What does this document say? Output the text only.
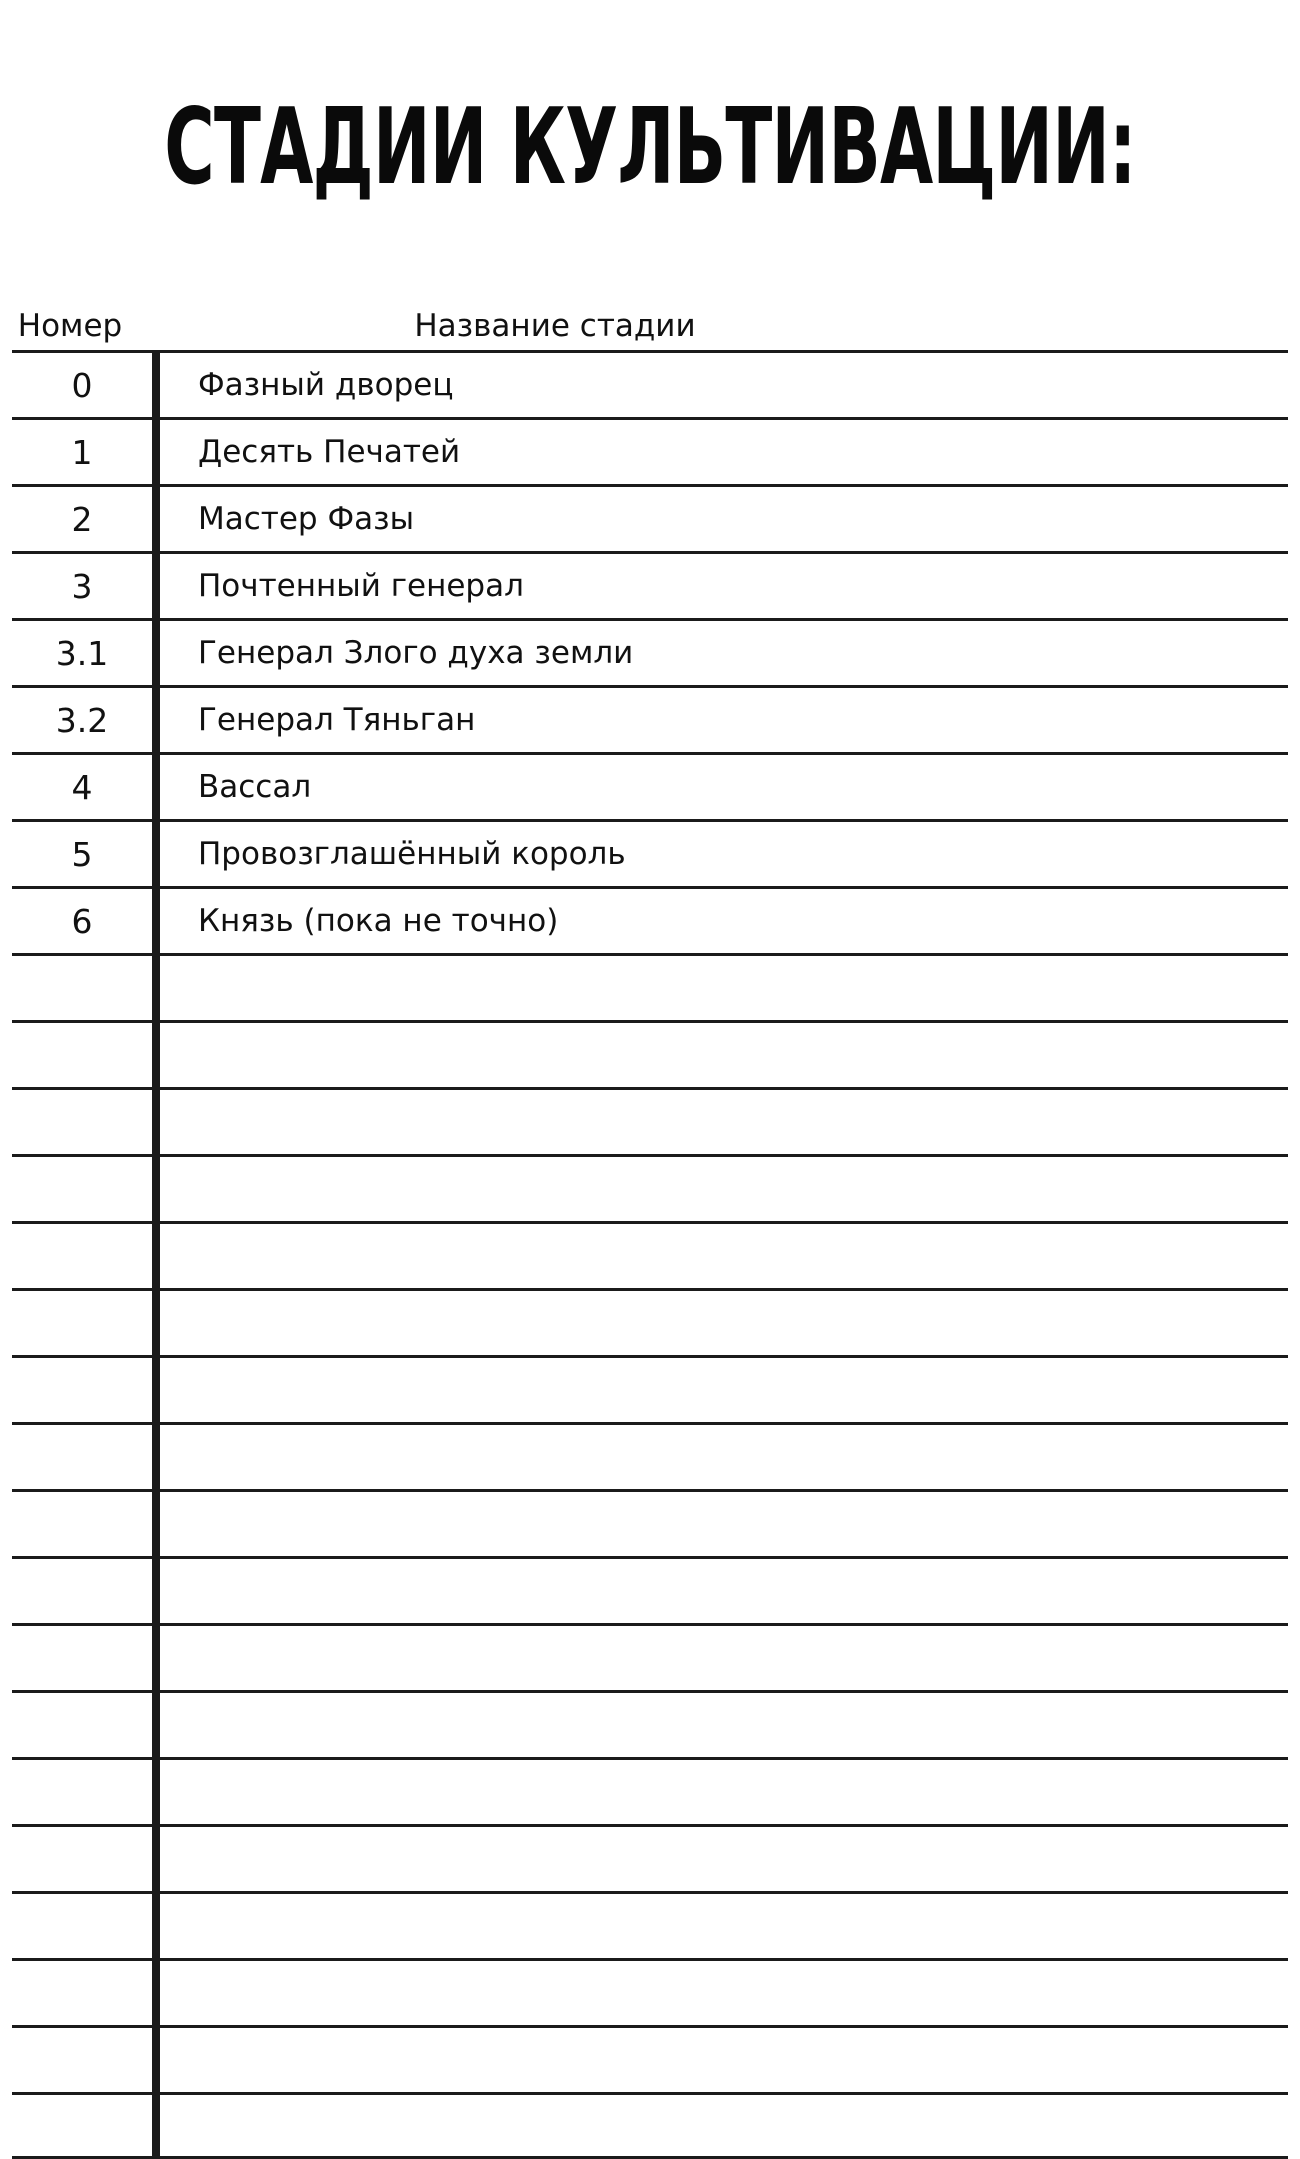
СТАДИИ КУЛЬТИВАЦИИ:
Номер	Название стадии
0	Фазный дворец
1	Десять Печатей
2	Мастер Фазы
3	Почтенный генерал
3.1	Генерал Злого духа земли
3.2	Генерал Тяньган
4	Вассал
5	Провозглашённый король
6	Князь (пока не точно)
